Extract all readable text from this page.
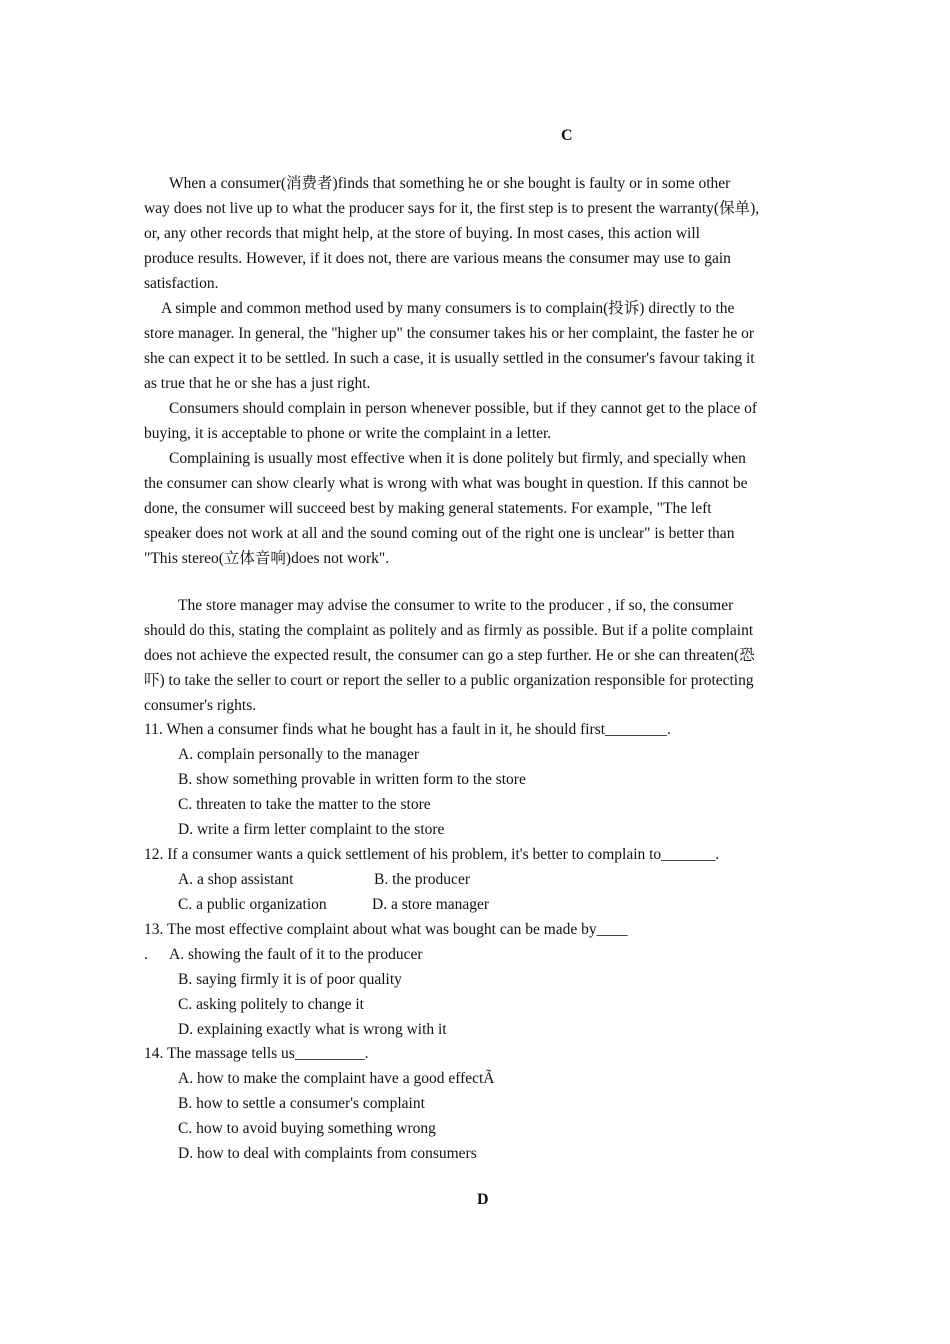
C
When a consumer(消费者)finds that something he or she bought is faulty or in some other
way does not live up to what the producer says for it, the first step is to present the warranty(保单),
or, any other records that might help, at the store of buying. In most cases, this action will
produce results. However, if it does not, there are various means the consumer may use to gain
satisfaction.
A simple and common method used by many consumers is to complain(投诉) directly to the
store manager. In general, the "higher up" the consumer takes his or her complaint, the faster he or
she can expect it to be settled. In such a case, it is usually settled in the consumer's favour taking it
as true that he or she has a just right.
Consumers should complain in person whenever possible, but if they cannot get to the place of
buying, it is acceptable to phone or write the complaint in a letter.
Complaining is usually most effective when it is done politely but firmly, and specially when
the consumer can show clearly what is wrong with what was bought in question. If this cannot be
done, the consumer will succeed best by making general statements. For example, "The left
speaker does not work at all and the sound coming out of the right one is unclear" is better than
"This stereo(立体音响)does not work".
The store manager may advise the consumer to write to the producer , if so, the consumer
should do this, stating the complaint as politely and as firmly as possible. But if a polite complaint
does not achieve the expected result, the consumer can go a step further. He or she can threaten(恐
吓) to take the seller to court or report the seller to a public organization responsible for protecting
consumer's rights.
11. When a consumer finds what he bought has a fault in it, he should first________.
A. complain personally to the manager
B. show something provable in written form to the store
C. threaten to take the matter to the store
D. write a firm letter complaint to the store
12. If a consumer wants a quick settlement of his problem, it's better to complain to_______.
A. a shop assistant	B. the producer
C. a public organization	D. a store manager
13. The most effective complaint about what was bought can be made by____
. A. showing the fault of it to the producer
B. saying firmly it is of poor quality
C. asking politely to change it
D. explaining exactly what is wrong with it
14. The massage tells us_________.
A. how to make the complaint have a good effectÃ
B. how to settle a consumer's complaint
C. how to avoid buying something wrong
D. how to deal with complaints from consumers
D
